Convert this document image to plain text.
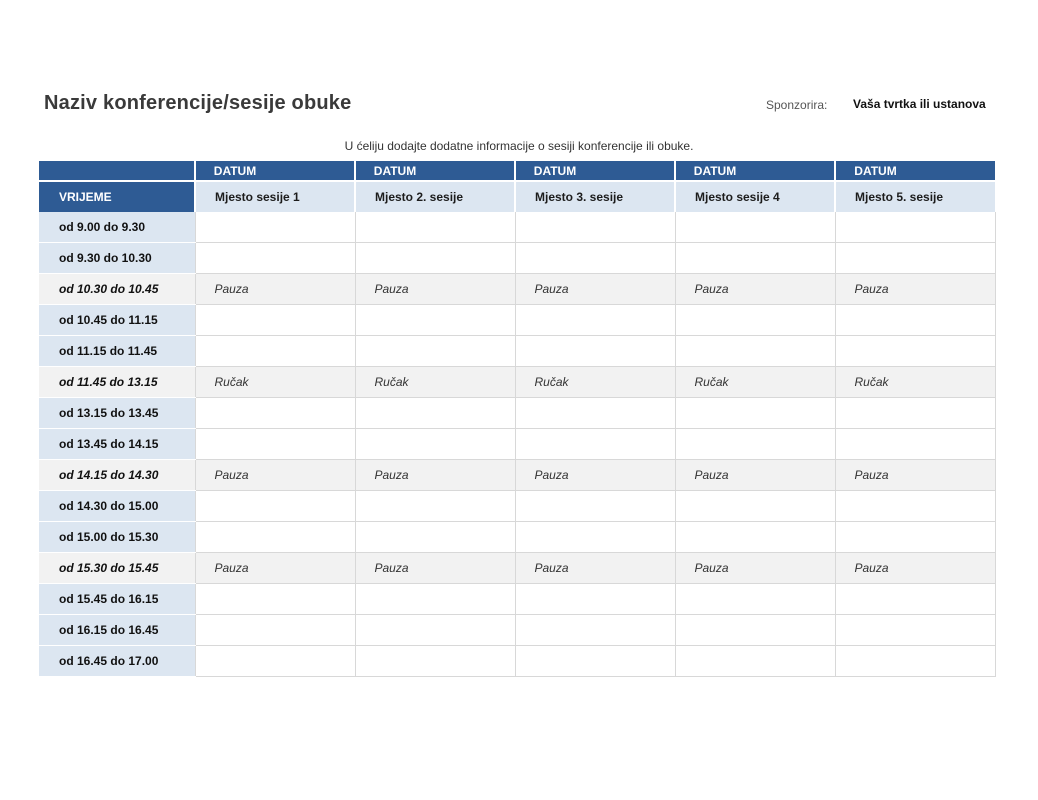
Naziv konferencije/sesije obuke	Sponzorira: Vaša tvrtka ili ustanova
U ćeliju dodajte dodatne informacije o sesiji konferencije ili obuke.
	DATUM	DATUM	DATUM	DATUM	DATUM
VRIJEME	Mjesto sesije 1	Mjesto 2. sesije	Mjesto 3. sesije	Mjesto sesije 4	Mjesto 5. sesije
od 9.00 do 9.30					
od 9.30 do 10.30					
od 10.30 do 10.45	Pauza	Pauza	Pauza	Pauza	Pauza
od 10.45 do 11.15					
od 11.15 do 11.45					
od 11.45 do 13.15	Ručak	Ručak	Ručak	Ručak	Ručak
od 13.15 do 13.45					
od 13.45 do 14.15					
od 14.15 do 14.30	Pauza	Pauza	Pauza	Pauza	Pauza
od 14.30 do 15.00					
od 15.00 do 15.30					
od 15.30 do 15.45	Pauza	Pauza	Pauza	Pauza	Pauza
od 15.45 do 16.15					
od 16.15 do 16.45					
od 16.45 do 17.00					
